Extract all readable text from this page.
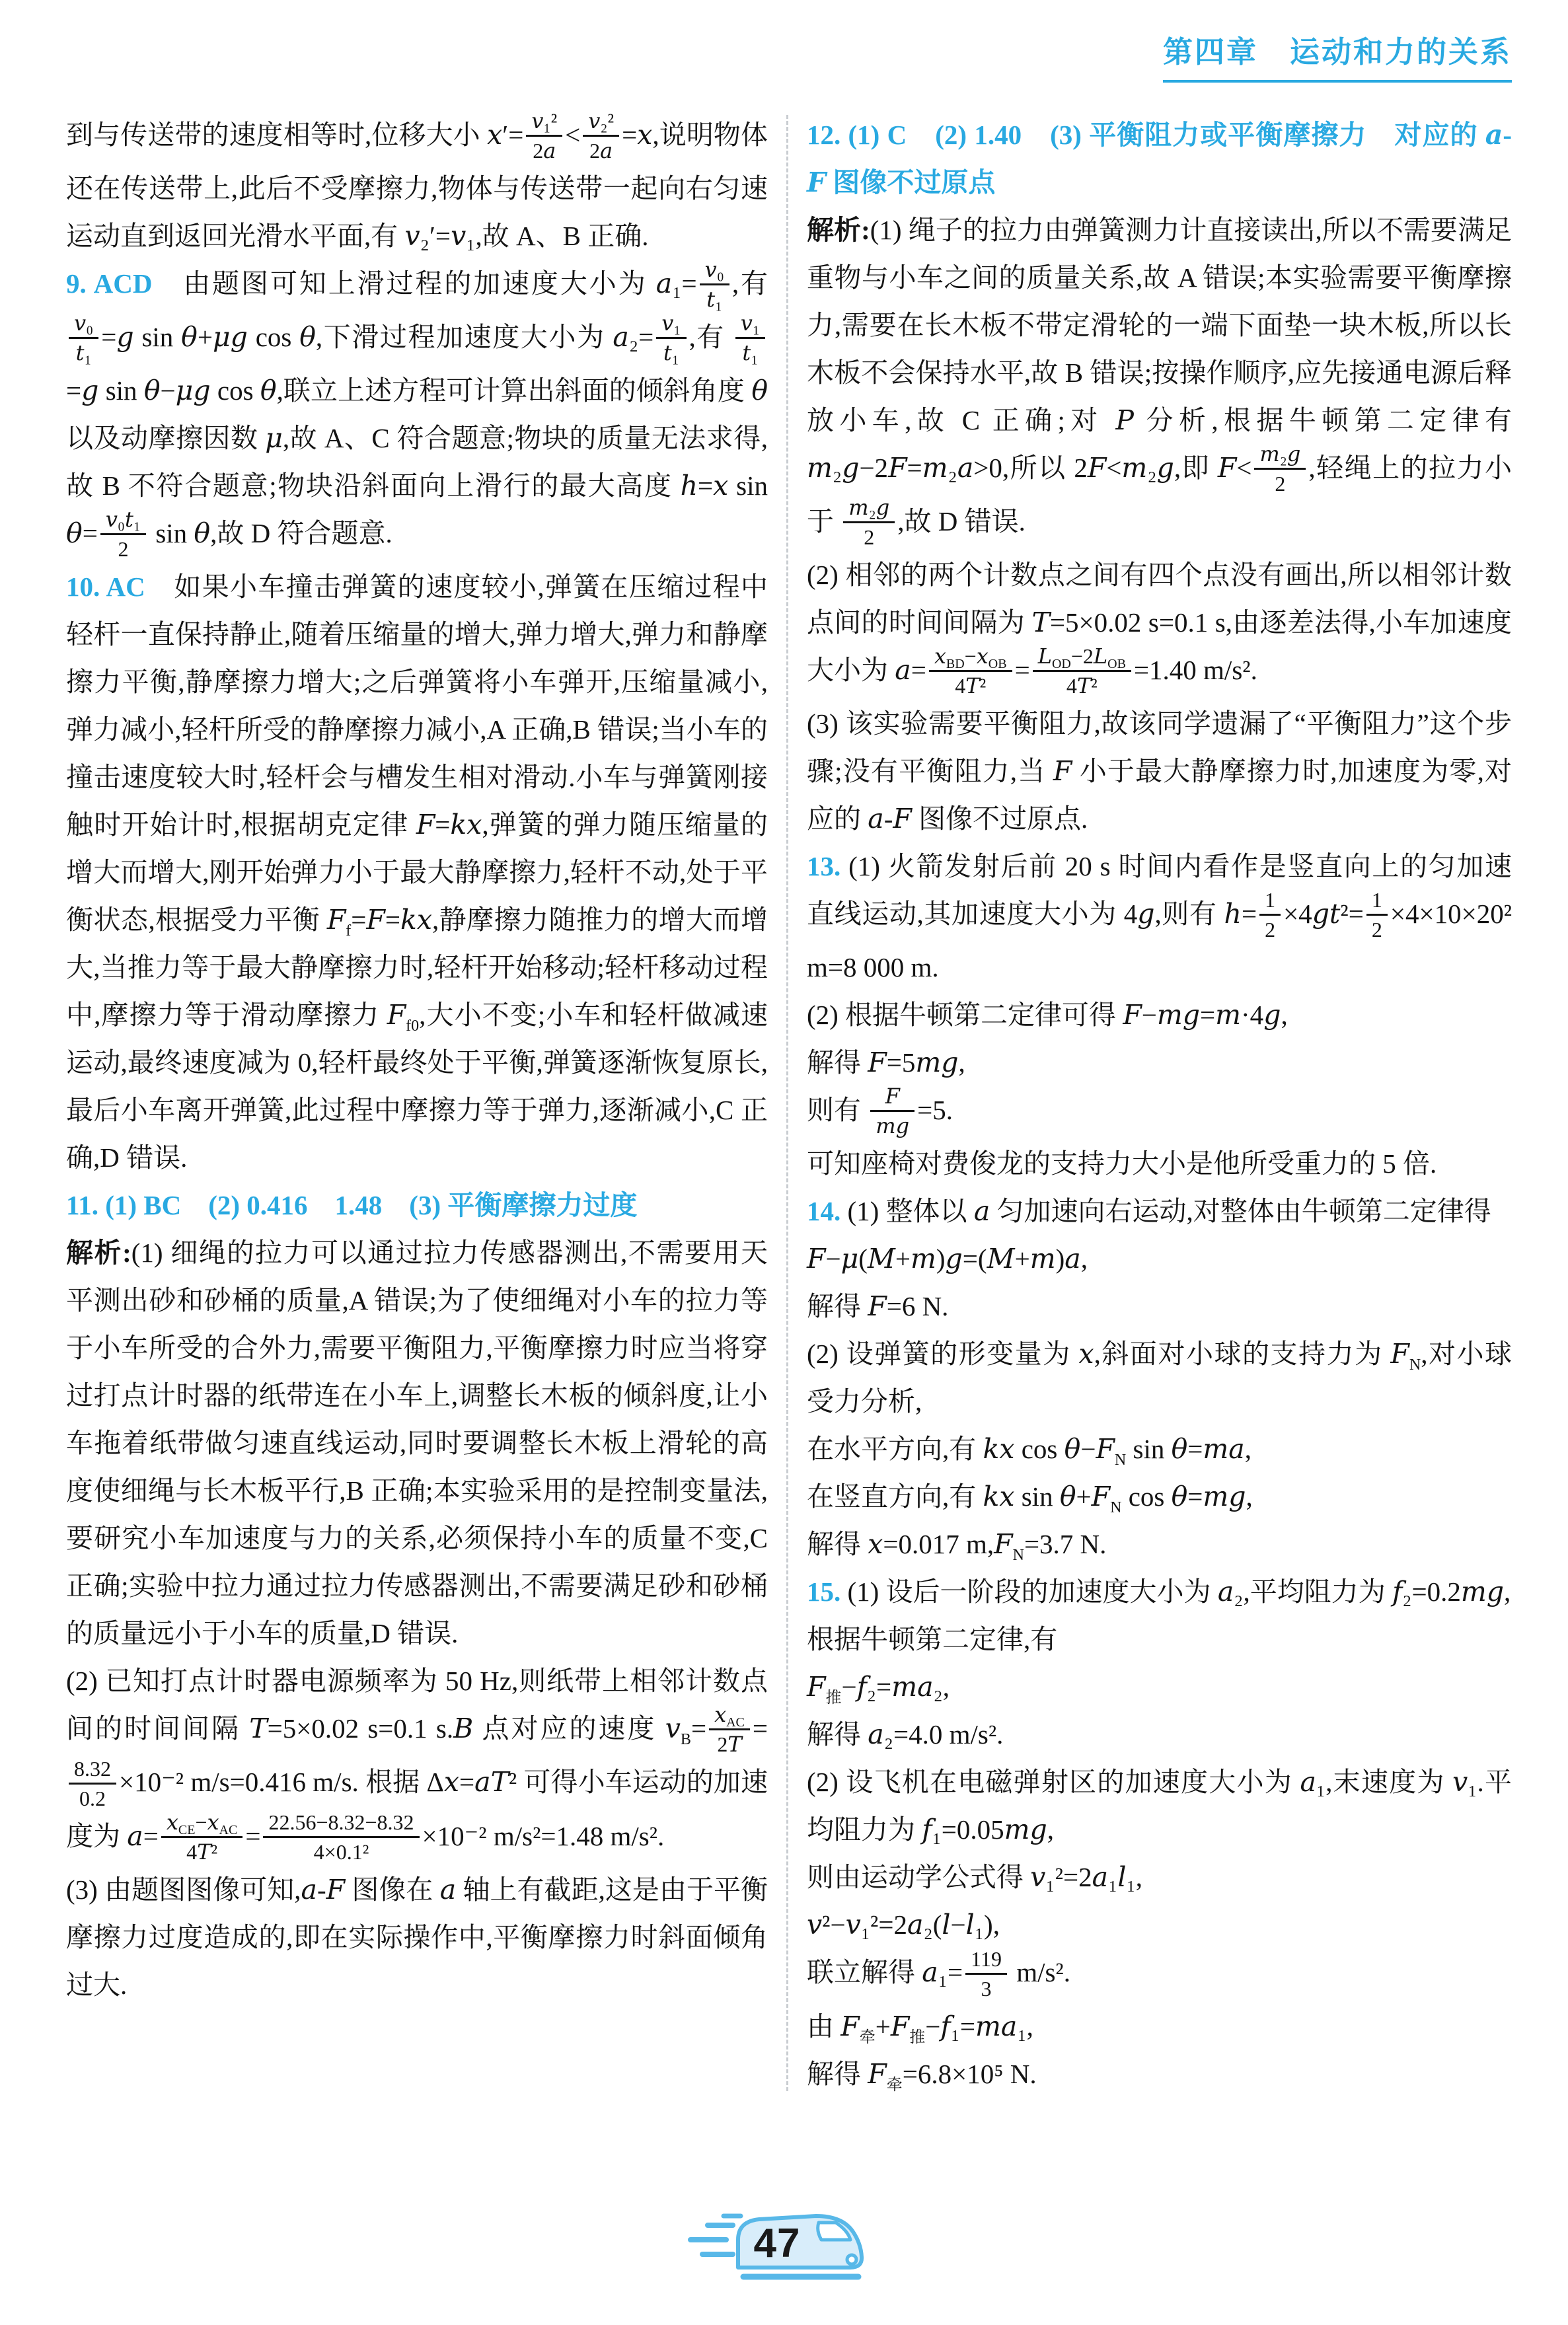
第四章　运动和力的关系

到与传送带的速度相等时,位移大小 $x'= \frac{\text{v₁²}}{2a} < \frac{\text{v₂²}}{2a} =x$,说明物体还在传送带上,此后不受摩擦力,物体与传送带一起向右匀速运动直到返回光滑水平面,有 v₂′=v₁,故 A、B 正确.

9. ACD　由题图可知上滑过程的加速度大小为 $a_1= \frac{\text{v₀}}{\text{t₁}}$ ,有
$\frac{\text{v₀}}{\text{t₁}} =g$ sin θ+μg cos θ,下滑过程加速度大小为 $a_2= \frac{\text{v₁}}{\text{t₁}}$ ,有 $\frac{\text{v₁}}{\text{t₁}}$
=g sin θ−μg cos θ,联立上述方程可计算出斜面的倾斜角度 θ 以及动摩擦因数 μ,故 A、C 符合题意;物块的质量无法求得,故 B 不符合题意;物块沿斜面向上滑行的最大高度 h=x $\sin \theta= \frac{\text{v₀t₁}}{2}$ sin θ,故 D 符合题意.

10. AC　如果小车撞击弹簧的速度较小,弹簧在压缩过程中轻杆一直保持静止,随着压缩量的增大,弹力增大,弹力和静摩擦力平衡,静摩擦力增大;之后弹簧将小车弹开,压缩量减小,弹力减小,轻杆所受的静摩擦力减小,A 正确,B 错误;当小车的撞击速度较大时,轻杆会与槽发生相对滑动.小车与弹簧刚接触时开始计时,根据胡克定律 F=kx,弹簧的弹力随压缩量的增大而增大,刚开始弹力小于最大静摩擦力,轻杆不动,处于平衡状态,根据受力平衡 $F_f=F=kx$,静摩擦力随推力的增大而增大,当推力等于最大静摩擦力时,轻杆开始移动;轻杆移动过程中,摩擦力等于滑动摩擦力 $F_{f0}$,大小不变;小车和轻杆做减速运动,最终速度减为 0,轻杆最终处于平衡,弹簧逐渐恢复原长,最后小车离开弹簧,此过程中摩擦力等于弹力,逐渐减小,C 正确,D 错误.

11. (1) BC　(2) 0.416　1.48　(3) 平衡摩擦力过度

解析:(1) 细绳的拉力可以通过拉力传感器测出,不需要用天平测出砂和砂桶的质量,A 错误;为了使细绳对小车的拉力等于小车所受的合外力,需要平衡阻力,平衡摩擦力时应当将穿过打点计时器的纸带连在小车上,调整长木板的倾斜度,让小车拖着纸带做匀速直线运动,同时要调整长木板上滑轮的高度使细绳与长木板平行,B 正确;本实验采用的是控制变量法,要研究小车加速度与力的关系,必须保持小车的质量不变,C 正确;实验中拉力通过拉力传感器测出,不需要满足砂和砂桶的质量远小于小车的质量,D 错误.

(2) 已知打点计时器电源频率为 50 Hz,则纸带上相邻计数点间的时间间隔 T=5×0.02 s=0.1 s.B 点对应的速度 $v_B= x_{AC}$
2T
=
$\frac{8.32}{0.2} \times 10^{-2}$ m/s=0.416 m/s. 根据 Δx=aT² 可得小车运动的加速度为 $a= x_{CE}-x_{AC}$
4T²
= $\frac{22.56-8.32-8.32}{\text{4×0.1²}} \times 10^{-2}$ m/s²=1.48 m/s².

(3) 由题图图像可知,a-F 图像在 a 轴上有截距,这是由于平衡摩擦力过度造成的,即在实际操作中,平衡摩擦力时斜面倾角过大.

12. (1) C　(2) 1.40　(3) 平衡阻力或平衡摩擦力　对应的 a-F 图像不过原点

解析:(1) 绳子的拉力由弹簧测力计直接读出,所以不需要满足重物与小车之间的质量关系,故 A 错误;本实验需要平衡摩擦力,需要在长木板不带定滑轮的一端下面垫一块木板,所以长木板不会保持水平,故 B 错误;按操作顺序,应先接通电源后释放小车,故 C 正确;对 P 分析,根据牛顿第二定律有 m₂g−2F=m₂a>0,所以 2F<m₂g,即 $F< \frac{\text{m₂g}}{2}$ ,轻绳上的拉力小于 $\frac{\text{m₂g}}{2}$ ,故 D 错误.

(2) 相邻的两个计数点之间有四个点没有画出,所以相邻计数点间的时间间隔为 T=5×0.02 s=0.1 s,由逐差法得,小车加速度大小为 $a= x_{BD}-x_{OB}$
4T²
= $L_{OD}-2L_{OB}$
4T²
=1.40 m/s².

(3) 该实验需要平衡阻力,故该同学遗漏了“平衡阻力”这个步骤;没有平衡阻力,当 F 小于最大静摩擦力时,加速度为零,对应的 a-F 图像不过原点.

13. (1) 火箭发射后前 20 s 时间内看作是竖直向上的匀加速直线运动,其加速度大小为 4g,则有 $h= \frac{1}{2} \times 4gt^2= \frac{1}{2} \times 4\times 10\times 20^2$ m=8 000 m.

(2) 根据牛顿第二定律可得 F−mg=m·4g,

解得 F=5mg,

则有 $\frac{F}{mg} =5$.

可知座椅对费俊龙的支持力大小是他所受重力的 5 倍.

14. (1) 整体以 a 匀加速向右运动,对整体由牛顿第二定律得

F−μ(M+m)g=(M+m)a,

解得 F=6 N.

(2) 设弹簧的形变量为 x,斜面对小球的支持力为 $F_N$,对小球受力分析,

在水平方向,有 kx $\cos \theta-F_N$ sin θ=ma,

在竖直方向,有 kx $\sin \theta+F_N$ cos θ=mg,

解得 x=0.017 $m,F_N=3.7$ N.

15. (1) 设后一阶段的加速度大小为 a₂,平均阻力为 f₂=0.2mg,

根据牛顿第二定律,有

$F_推-f_2=ma_2$,

解得 a₂=4.0 m/s².

(2) 设飞机在电磁弹射区的加速度大小为 a₁,末速度为 v₁.平均阻力为 f₁=0.05mg,

则由运动学公式得 v₁²=2a₁l₁,

v²−v₁²=2a₂(l−l₁),

联立解得 $a_1= \frac{119}{3} m/s^2$.

由 $F_牵+F_推-f_1=ma_1$,

解得 $F_牵=6.8\times 10^5$ N.

47
